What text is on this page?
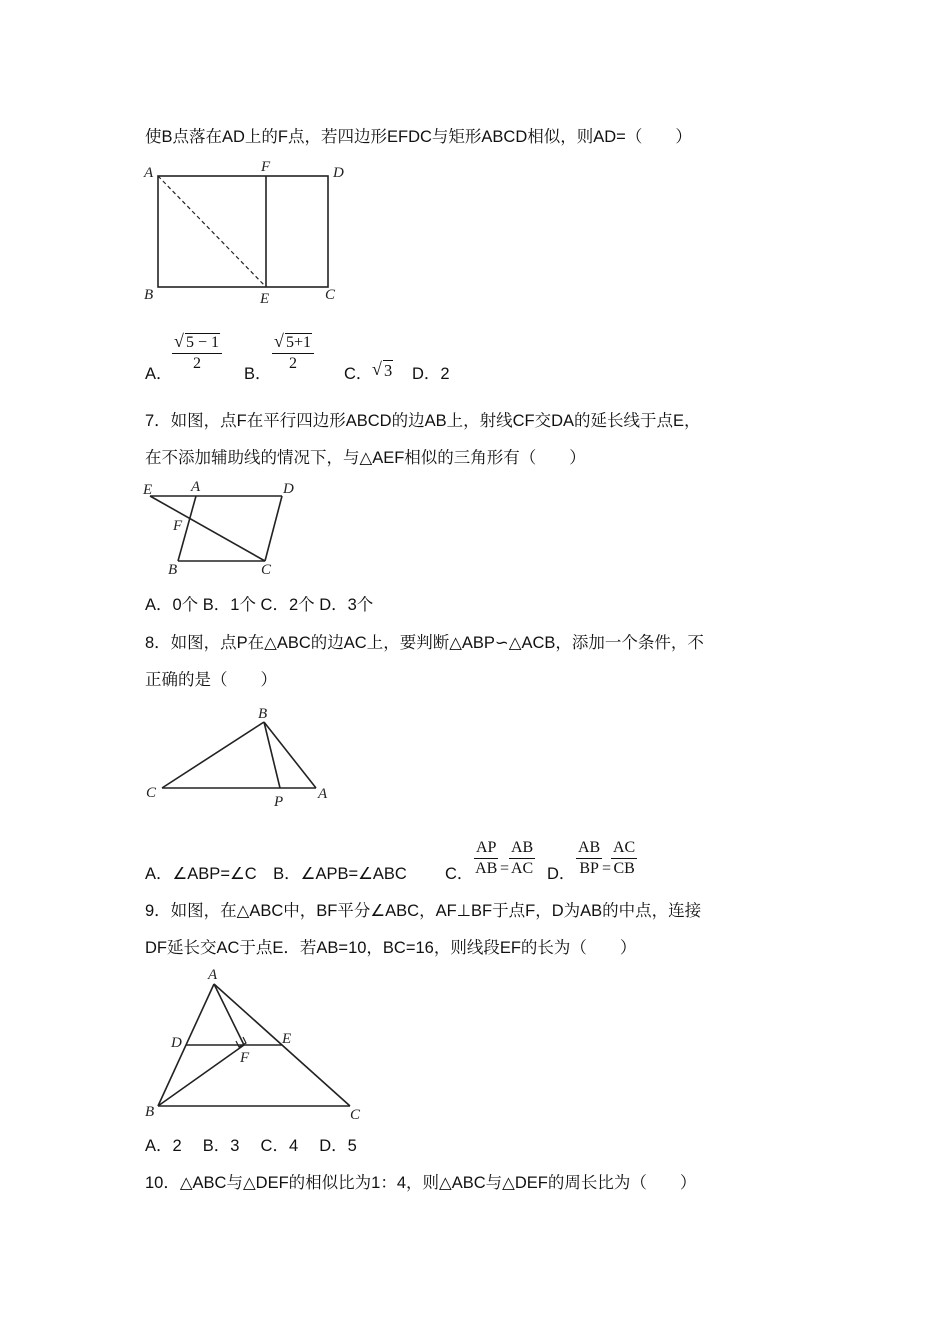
使B点落在AD上的F点，若四边形EFDC与矩形ABCD相似，则AD=（　　）
A	F	D
B	E	C
A．
√ $\frac{5 - 1}{2}$
B．
√ $\frac{5+1}{2}$
C．
√ 3 D．2
7．如图，点F在平行四边形ABCD的边AB上，射线CF交DA的延长线于点E，
在不添加辅助线的情况下，与△AEF相似的三角形有（　　）
E	A	D
F
B	C
A．0个 B．1个 C．2个 D．3个
8．如图，点P在△ABC的边AC上，要判断△ABP∽△ACB，添加一个条件，不
正确的是（　　）
B
C
P A
A．∠ABP=∠C　B．∠APB=∠ABC C． $\frac{AP}{AB} = \frac{AB}{AC}$ D． $\frac{AB}{BP} = \frac{AC}{CB}$
9．如图，在△ABC中，BF平分∠ABC，AF⊥BF于点F，D为AB的中点，连接
DF延长交AC于点E．若AB=10，BC=16，则线段EF的长为（　　）
A
D	E
F
B	C
A．2　 B．3　 C．4　 D．5
10．△ABC与△DEF的相似比为1：4，则△ABC与△DEF的周长比为（　　）
